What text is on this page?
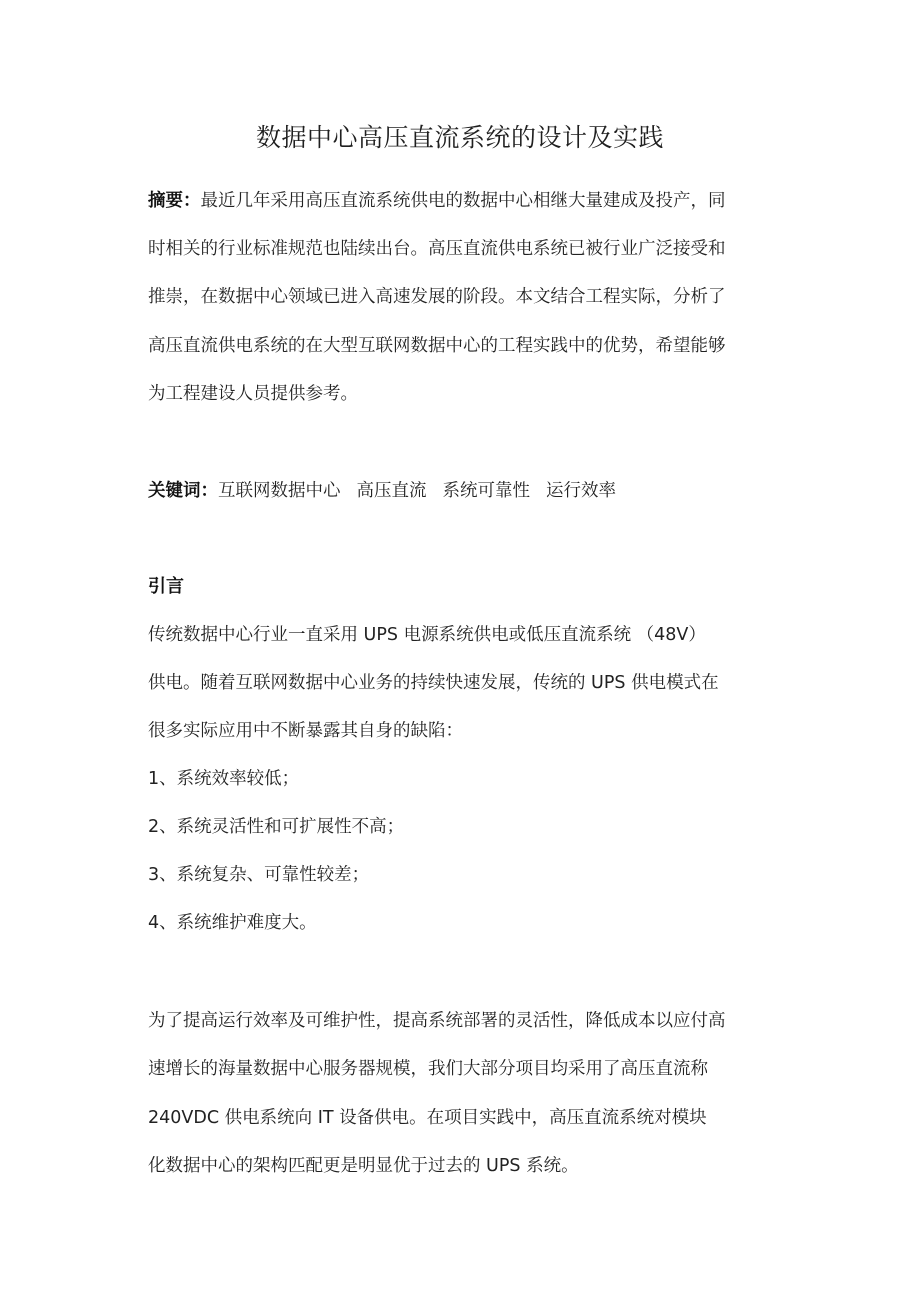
数据中心高压直流系统的设计及实践
摘要：最近几年采用高压直流系统供电的数据中心相继大量建成及投产，同
时相关的行业标准规范也陆续出台。高压直流供电系统已被行业广泛接受和
推崇，在数据中心领域已进入高速发展的阶段。本文结合工程实际，分析了
高压直流供电系统的在大型互联网数据中心的工程实践中的优势，希望能够
为工程建设人员提供参考。
关键词：互联网数据中心 高压直流 系统可靠性 运行效率
引言
传统数据中心行业一直采用 UPS 电源系统供电或低压直流系统 （48V）
供电。随着互联网数据中心业务的持续快速发展，传统的 UPS 供电模式在
很多实际应用中不断暴露其自身的缺陷：
1、系统效率较低；
2、系统灵活性和可扩展性不高；
3、系统复杂、可靠性较差；
4、系统维护难度大。
为了提高运行效率及可维护性，提高系统部署的灵活性，降低成本以应付高
速增长的海量数据中心服务器规模，我们大部分项目均采用了高压直流称
240VDC 供电系统向 IT 设备供电。在项目实践中，高压直流系统对模块
化数据中心的架构匹配更是明显优于过去的 UPS 系统。
